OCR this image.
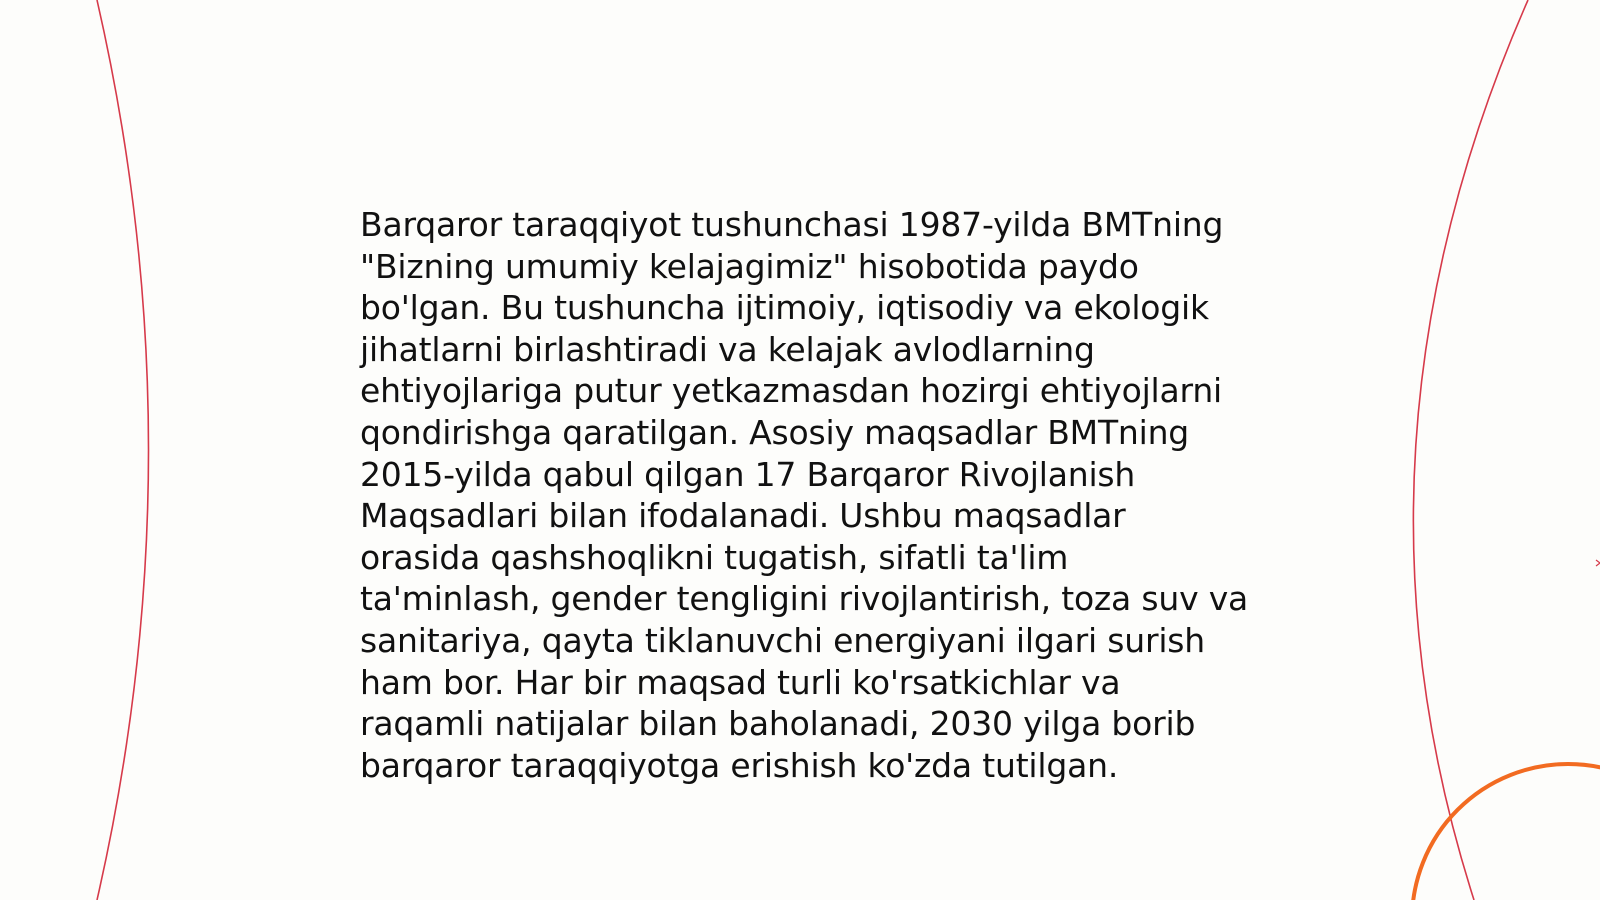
Barqaror taraqqiyot tushunchasi 1987-yilda BMTning
"Bizning umumiy kelajagimiz" hisobotida paydo
bo'lgan. Bu tushuncha ijtimoiy, iqtisodiy va ekologik
jihatlarni birlashtiradi va kelajak avlodlarning
ehtiyojlariga putur yetkazmasdan hozirgi ehtiyojlarni
qondirishga qaratilgan. Asosiy maqsadlar BMTning
2015-yilda qabul qilgan 17 Barqaror Rivojlanish
Maqsadlari bilan ifodalanadi. Ushbu maqsadlar
orasida qashshoqlikni tugatish, sifatli ta'lim
ta'minlash, gender tengligini rivojlantirish, toza suv va
sanitariya, qayta tiklanuvchi energiyani ilgari surish
ham bor. Har bir maqsad turli ko'rsatkichlar va
raqamli natijalar bilan baholanadi, 2030 yilga borib
barqaror taraqqiyotga erishish ko'zda tutilgan.
